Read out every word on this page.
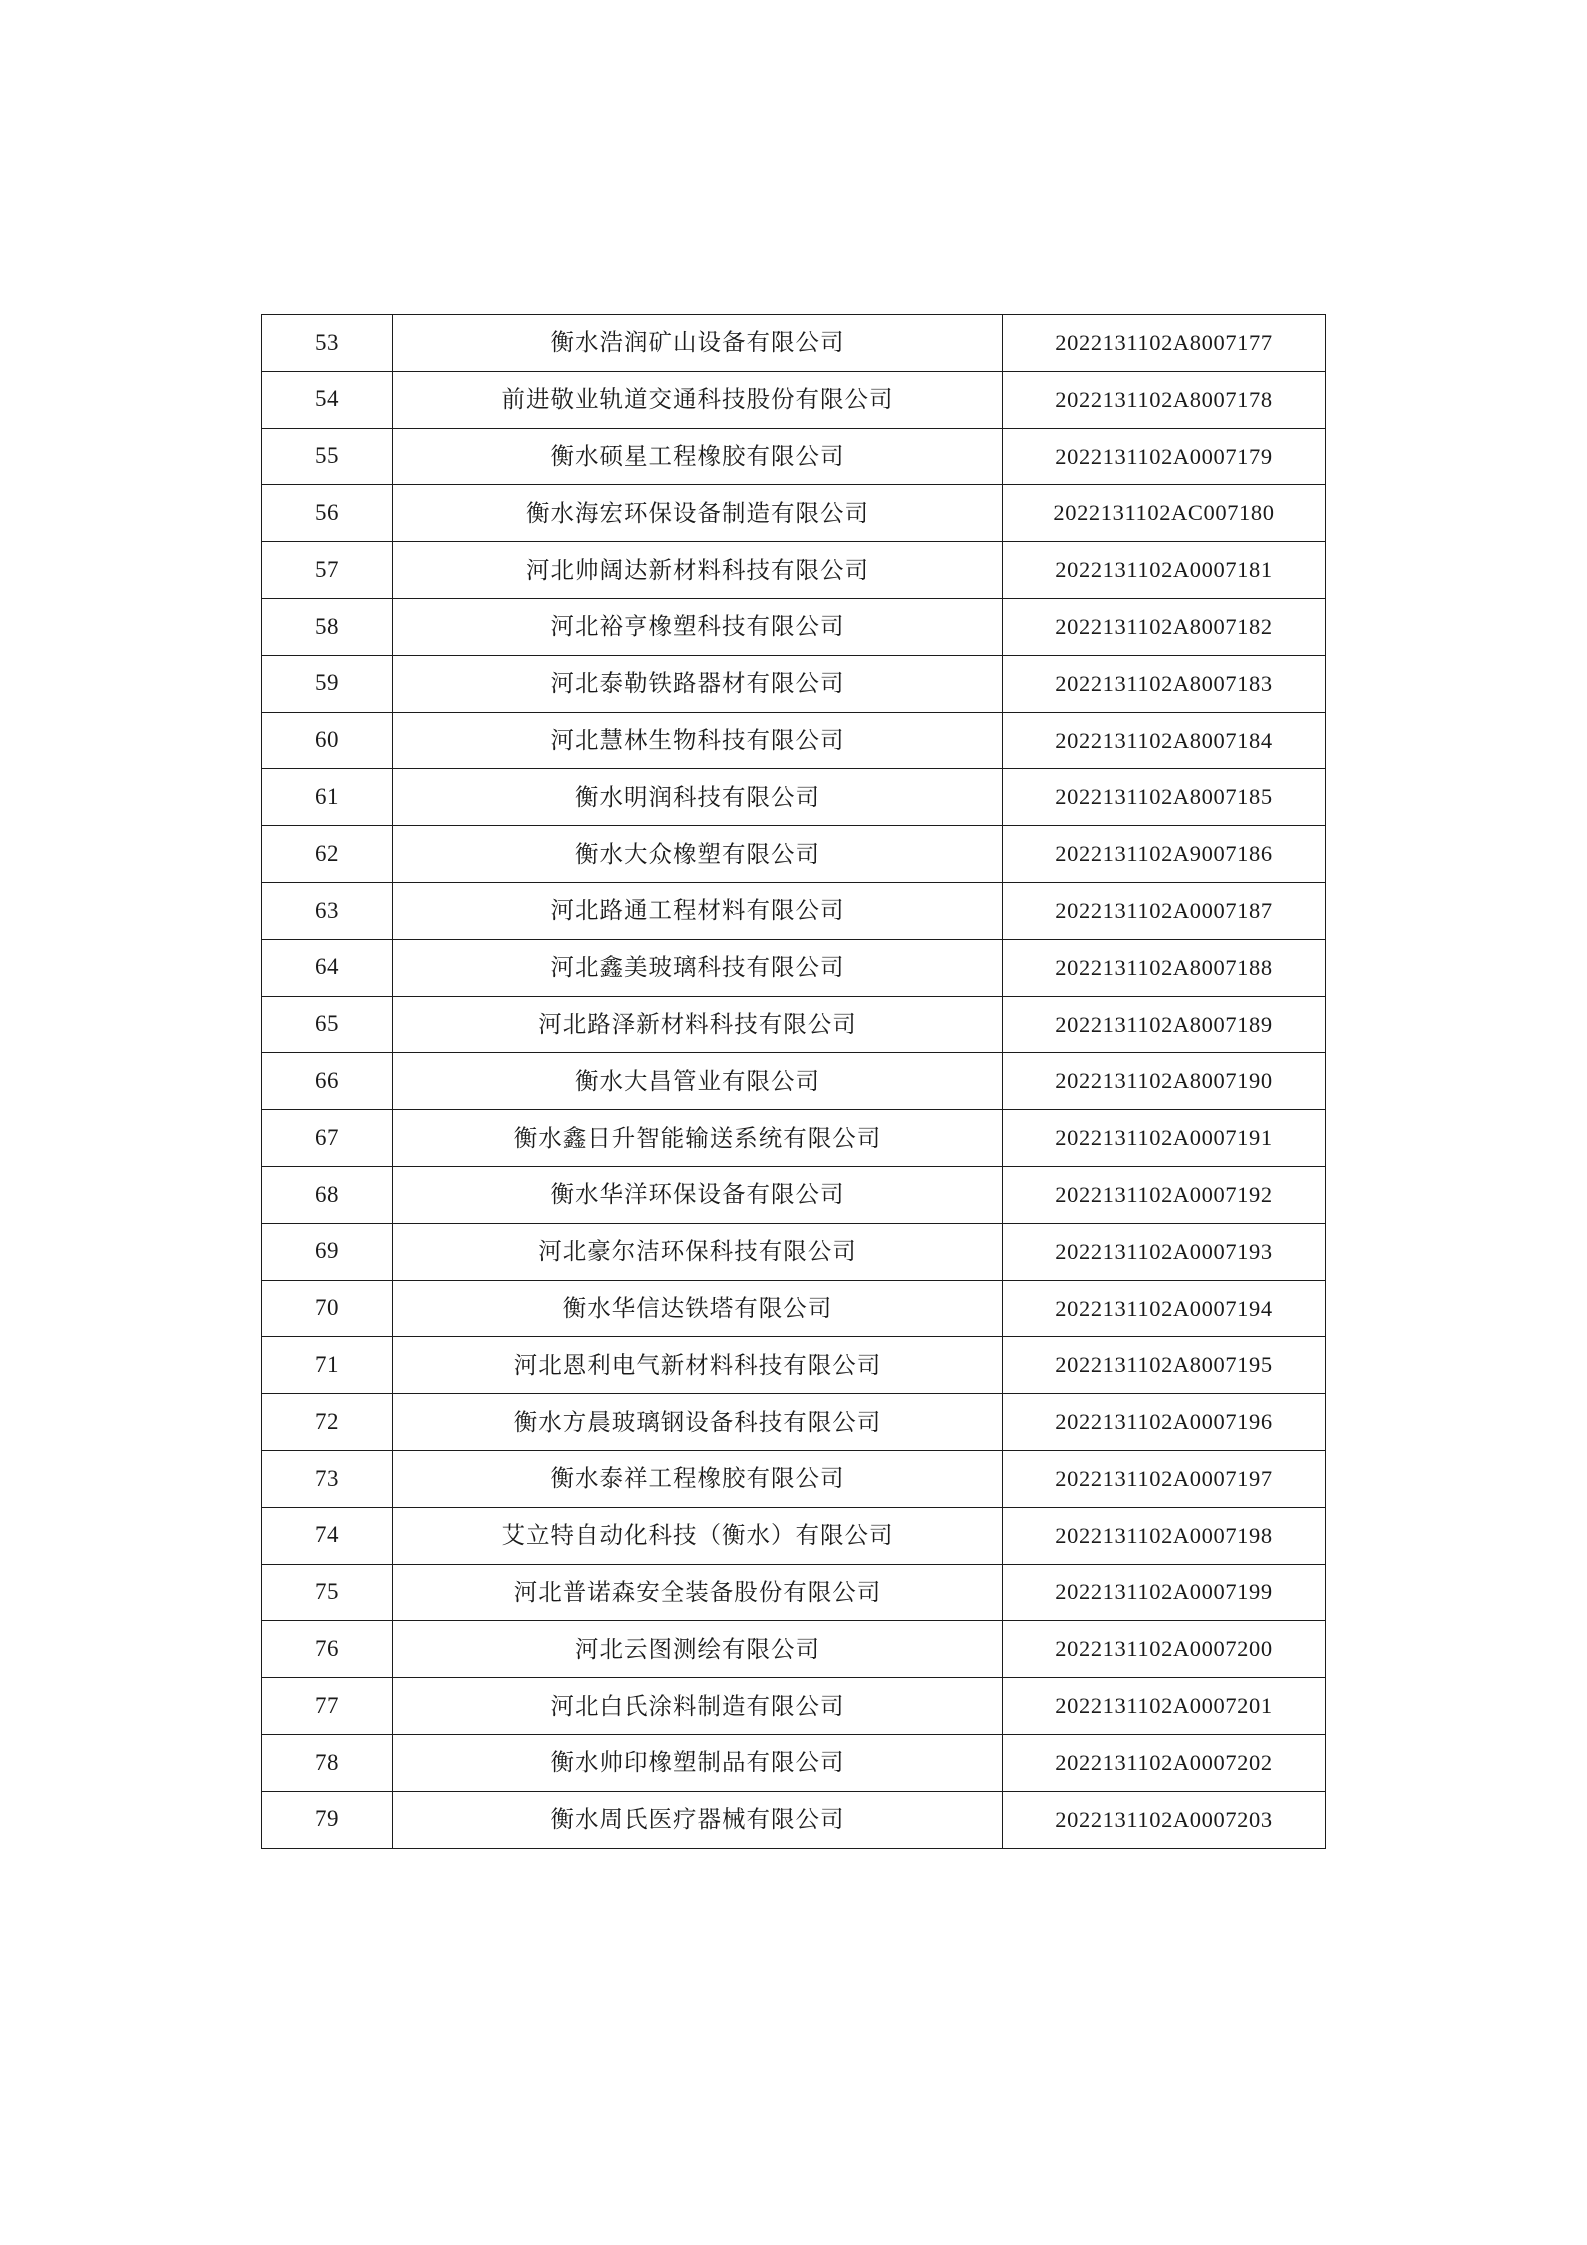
53	衡水浩润矿山设备有限公司	2022131102A8007177
54	前进敬业轨道交通科技股份有限公司	2022131102A8007178
55	衡水硕星工程橡胶有限公司	2022131102A0007179
56	衡水海宏环保设备制造有限公司	2022131102AC007180
57	河北帅阔达新材料科技有限公司	2022131102A0007181
58	河北裕亨橡塑科技有限公司	2022131102A8007182
59	河北泰勒铁路器材有限公司	2022131102A8007183
60	河北慧林生物科技有限公司	2022131102A8007184
61	衡水明润科技有限公司	2022131102A8007185
62	衡水大众橡塑有限公司	2022131102A9007186
63	河北路通工程材料有限公司	2022131102A0007187
64	河北鑫美玻璃科技有限公司	2022131102A8007188
65	河北路泽新材料科技有限公司	2022131102A8007189
66	衡水大昌管业有限公司	2022131102A8007190
67	衡水鑫日升智能输送系统有限公司	2022131102A0007191
68	衡水华洋环保设备有限公司	2022131102A0007192
69	河北豪尔洁环保科技有限公司	2022131102A0007193
70	衡水华信达铁塔有限公司	2022131102A0007194
71	河北恩利电气新材料科技有限公司	2022131102A8007195
72	衡水方晨玻璃钢设备科技有限公司	2022131102A0007196
73	衡水泰祥工程橡胶有限公司	2022131102A0007197
74	艾立特自动化科技（衡水）有限公司	2022131102A0007198
75	河北普诺森安全装备股份有限公司	2022131102A0007199
76	河北云图测绘有限公司	2022131102A0007200
77	河北白氏涂料制造有限公司	2022131102A0007201
78	衡水帅印橡塑制品有限公司	2022131102A0007202
79	衡水周氏医疗器械有限公司	2022131102A0007203
